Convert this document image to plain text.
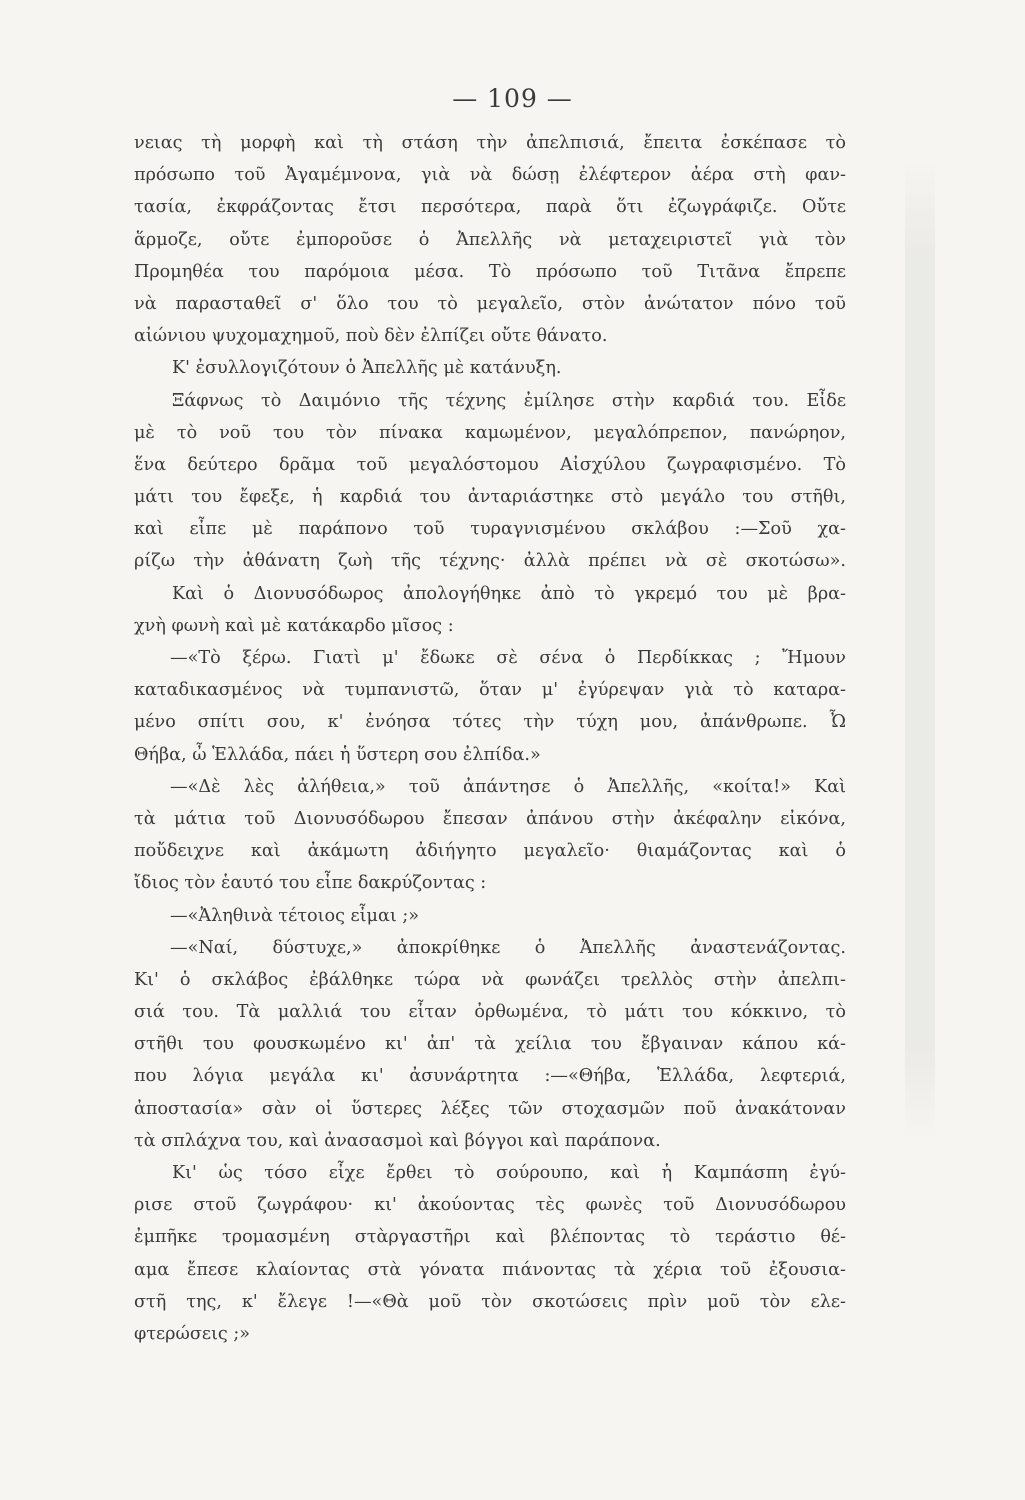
— 109 —
νειας τὴ μορφὴ καὶ τὴ στάση τὴν ἀπελπισιά, ἔπειτα ἐσκέπασε τὸ
πρόσωπο τοῦ Ἀγαμέμνονα, γιὰ νὰ δώσῃ ἐλέφτερον ἀέρα στὴ φαν-
τασία, ἐκφράζοντας ἔτσι περσότερα, παρὰ ὅτι ἐζωγράφιζε. Οὔτε
ἅρμοζε, οὔτε ἐμποροῦσε ὁ Ἀπελλῆς νὰ μεταχειριστεῖ γιὰ τὸν
Προμηθέα του παρόμοια μέσα. Τὸ πρόσωπο τοῦ Τιτᾶνα ἔπρεπε
νὰ παρασταθεῖ σ' ὅλο του τὸ μεγαλεῖο, στὸν ἀνώτατον πόνο τοῦ
αἰώνιου ψυχομαχημοῦ, ποὺ δὲν ἐλπίζει οὔτε θάνατο.
Κ' ἐσυλλογιζότουν ὁ Ἀπελλῆς μὲ κατάνυξη.
Ξάφνως τὸ Δαιμόνιο τῆς τέχνης ἐμίλησε στὴν καρδιά του. Εἶδε
μὲ τὸ νοῦ του τὸν πίνακα καμωμένον, μεγαλόπρεπον, πανώρηον,
ἕνα δεύτερο δρᾶμα τοῦ μεγαλόστομου Αἰσχύλου ζωγραφισμένο. Τὸ
μάτι του ἔφεξε, ἡ καρδιά του ἀνταριάστηκε στὸ μεγάλο του στῆθι,
καὶ εἶπε μὲ παράπονο τοῦ τυραγνισμένου σκλάβου :—Σοῦ χα-
ρίζω τὴν ἀθάνατη ζωὴ τῆς τέχνης· ἀλλὰ πρέπει νὰ σὲ σκοτώσω».
Καὶ ὁ Διονυσόδωρος ἀπολογήθηκε ἀπὸ τὸ γκρεμό του μὲ βρα-
χνὴ φωνὴ καὶ μὲ κατάκαρδο μῖσος :
—«Τὸ ξέρω. Γιατὶ μ' ἔδωκε σὲ σένα ὁ Περδίκκας ; Ἤμουν
καταδικασμένος νὰ τυμπανιστῶ, ὅταν μ' ἐγύρεψαν γιὰ τὸ καταρα-
μένο σπίτι σου, κ' ἐνόησα τότες τὴν τύχη μου, ἀπάνθρωπε. Ὦ
Θήβα, ὦ Ἑλλάδα, πάει ἡ ὕστερη σου ἐλπίδα.»
—«Δὲ λὲς ἀλήθεια,» τοῦ ἀπάντησε ὁ Ἀπελλῆς, «κοίτα!» Καὶ
τὰ μάτια τοῦ Διονυσόδωρου ἔπεσαν ἀπάνου στὴν ἀκέφαλην εἰκόνα,
ποὔδειχνε καὶ ἀκάμωτη ἀδιήγητο μεγαλεῖο· θιαμάζοντας καὶ ὁ
ἴδιος τὸν ἑαυτό του εἶπε δακρύζοντας :
—«Ἀληθινὰ τέτοιος εἶμαι ;»
—«Ναί, δύστυχε,» ἀποκρίθηκε ὁ Ἀπελλῆς ἀναστενάζοντας.
Κι' ὁ σκλάβος ἐβάλθηκε τώρα νὰ φωνάζει τρελλὸς στὴν ἀπελπι-
σιά του. Τὰ μαλλιά του εἶταν ὀρθωμένα, τὸ μάτι του κόκκινο, τὸ
στῆθι του φουσκωμένο κι' ἀπ' τὰ χείλια του ἔβγαιναν κάπου κά-
που λόγια μεγάλα κι' ἀσυνάρτητα :—«Θήβα, Ἑλλάδα, λεφτεριά,
ἀποστασία» σὰν οἱ ὕστερες λέξες τῶν στοχασμῶν ποῦ ἀνακάτοναν
τὰ σπλάχνα του, καὶ ἀνασασμοὶ καὶ βόγγοι καὶ παράπονα.
Κι' ὡς τόσο εἶχε ἔρθει τὸ σούρουπο, καὶ ἡ Καμπάσπη ἐγύ-
ρισε στοῦ ζωγράφου· κι' ἀκούοντας τὲς φωνὲς τοῦ Διονυσόδωρου
ἐμπῆκε τρομασμένη στὰργαστῆρι καὶ βλέποντας τὸ τεράστιο θέ-
αμα ἔπεσε κλαίοντας στὰ γόνατα πιάνοντας τὰ χέρια τοῦ ἐξουσια-
στῆ της, κ' ἔλεγε !—«Θὰ μοῦ τὸν σκοτώσεις πρὶν μοῦ τὸν ελε-
φτερώσεις ;»
